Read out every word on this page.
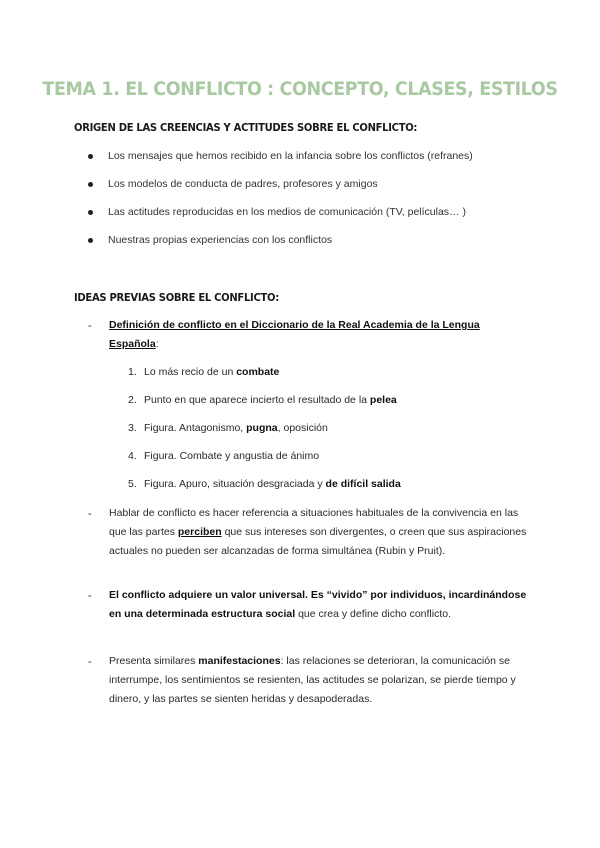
TEMA 1. EL CONFLICTO : CONCEPTO, CLASES, ESTILOS
ORIGEN DE LAS CREENCIAS Y ACTITUDES SOBRE EL CONFLICTO:
Los mensajes que hemos recibido en la infancia sobre los conflictos (refranes)
Los modelos de conducta de padres, profesores y amigos
Las actitudes reproducidas en los medios de comunicación (TV, películas… )
Nuestras propias experiencias con los conflictos
IDEAS PREVIAS SOBRE EL CONFLICTO:
- Definición de conflicto en el Diccionario de la Real Academia de la Lengua
Española:
1. Lo más recio de un combate
2. Punto en que aparece incierto el resultado de la pelea
3. Figura. Antagonismo, pugna, oposición
4. Figura. Combate y angustia de ánimo
5. Figura. Apuro, situación desgraciada y de difícil salida
- Hablar de conflicto es hacer referencia a situaciones habituales de la convivencia en las que las partes perciben que sus intereses son divergentes, o creen que sus aspiraciones actuales no pueden ser alcanzadas de forma simultánea (Rubin y Pruit).
- El conflicto adquiere un valor universal. Es “vivido” por individuos, incardinándose en una determinada estructura social que crea y define dicho conflicto.
- Presenta similares manifestaciones: las relaciones se deterioran, la comunicación se interrumpe, los sentimientos se resienten, las actitudes se polarizan, se pierde tiempo y dinero, y las partes se sienten heridas y desapoderadas.
